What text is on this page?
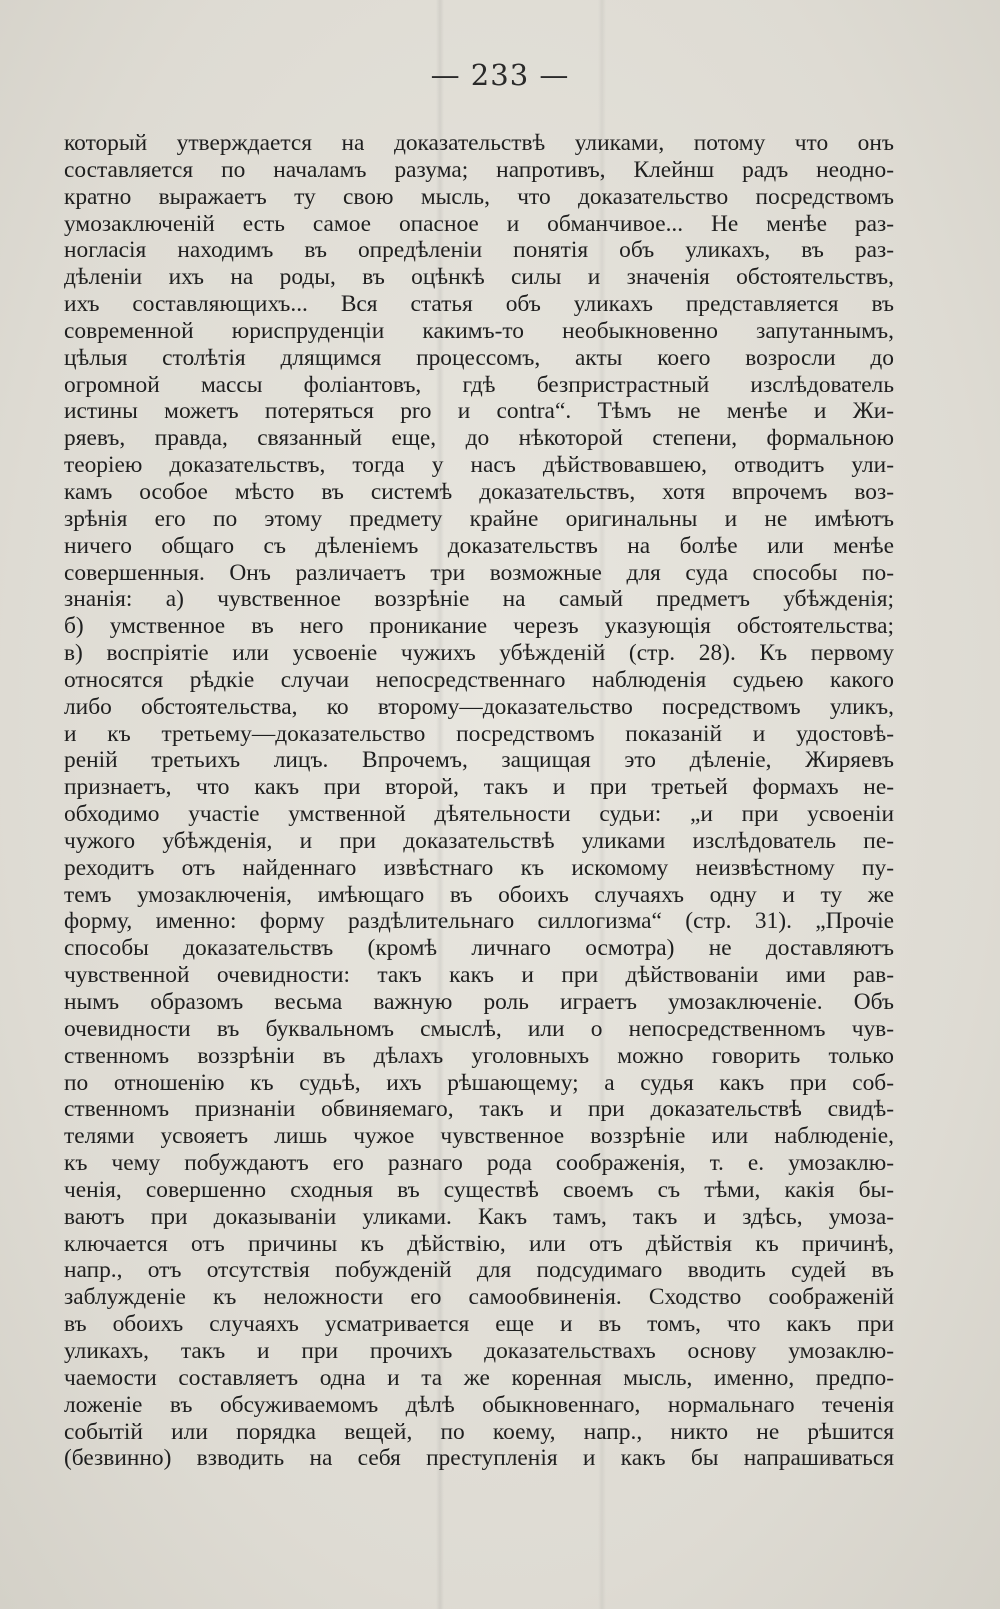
— 233 —
который утверждается на доказательствѣ уликами, потому что онъ
составляется по началамъ разума; напротивъ, Клейнш радъ неодно-
кратно выражаетъ ту свою мысль, что доказательство посредствомъ
умозаключеній есть самое опасное и обманчивое... Не менѣе раз-
ногласія находимъ въ опредѣленіи понятія объ уликахъ, въ раз-
дѣленіи ихъ на роды, въ оцѣнкѣ силы и значенія обстоятельствъ,
ихъ составляющихъ... Вся статья объ уликахъ представляется въ
современной юриспруденціи какимъ-то необыкновенно запутаннымъ,
цѣлыя столѣтія длящимся процессомъ, акты коего возросли до
огромной массы фоліантовъ, гдѣ безпристрастный изслѣдователь
истины можетъ потеряться pro и contra“. Тѣмъ не менѣе и Жи-
ряевъ, правда, связанный еще, до нѣкоторой степени, формальною
теоріею доказательствъ, тогда у насъ дѣйствовавшею, отводитъ ули-
камъ особое мѣсто въ системѣ доказательствъ, хотя впрочемъ воз-
зрѣнія его по этому предмету крайне оригинальны и не имѣютъ
ничего общаго съ дѣленіемъ доказательствъ на болѣе или менѣе
совершенныя. Онъ различаетъ три возможные для суда способы по-
знанія: а) чувственное воззрѣніе на самый предметъ убѣжденія;
б) умственное въ него проникание черезъ указующія обстоятельства;
в) воспріятіе или усвоеніе чужихъ убѣжденій (стр. 28). Къ первому
относятся рѣдкіе случаи непосредственнаго наблюденія судьею какого
либо обстоятельства, ко второму—доказательство посредствомъ уликъ,
и къ третьему—доказательство посредствомъ показаній и удостовѣ-
реній третьихъ лицъ. Впрочемъ, защищая это дѣленіе, Жиряевъ
признаетъ, что какъ при второй, такъ и при третьей формахъ не-
обходимо участіе умственной дѣятельности судьи: „и при усвоеніи
чужого убѣжденія, и при доказательствѣ уликами изслѣдователь пе-
реходитъ отъ найденнаго извѣстнаго къ искомому неизвѣстному пу-
темъ умозаключенія, имѣющаго въ обоихъ случаяхъ одну и ту же
форму, именно: форму раздѣлительнаго силлогизма“ (стр. 31). „Прочіе
способы доказательствъ (кромѣ личнаго осмотра) не доставляютъ
чувственной очевидности: такъ какъ и при дѣйствованіи ими рав-
нымъ образомъ весьма важную роль играетъ умозаключеніе. Объ
очевидности въ буквальномъ смыслѣ, или о непосредственномъ чув-
ственномъ воззрѣніи въ дѣлахъ уголовныхъ можно говорить только
по отношенію къ судьѣ, ихъ рѣшающему; а судья какъ при соб-
ственномъ признаніи обвиняемаго, такъ и при доказательствѣ свидѣ-
телями усвояетъ лишь чужое чувственное воззрѣніе или наблюденіе,
къ чему побуждаютъ его разнаго рода соображенія, т. е. умозаклю-
ченія, совершенно сходныя въ существѣ своемъ съ тѣми, какія бы-
ваютъ при доказываніи уликами. Какъ тамъ, такъ и здѣсь, умоза-
ключается отъ причины къ дѣйствію, или отъ дѣйствія къ причинѣ,
напр., отъ отсутствія побужденій для подсудимаго вводить судей въ
заблужденіе къ неложности его самообвиненія. Сходство соображеній
въ обоихъ случаяхъ усматривается еще и въ томъ, что какъ при
уликахъ, такъ и при прочихъ доказательствахъ основу умозаклю-
чаемости составляетъ одна и та же коренная мысль, именно, предпо-
ложеніе въ обсуживаемомъ дѣлѣ обыкновеннаго, нормальнаго теченія
событій или порядка вещей, по коему, напр., никто не рѣшится
(безвинно) взводить на себя преступленія и какъ бы напрашиваться
